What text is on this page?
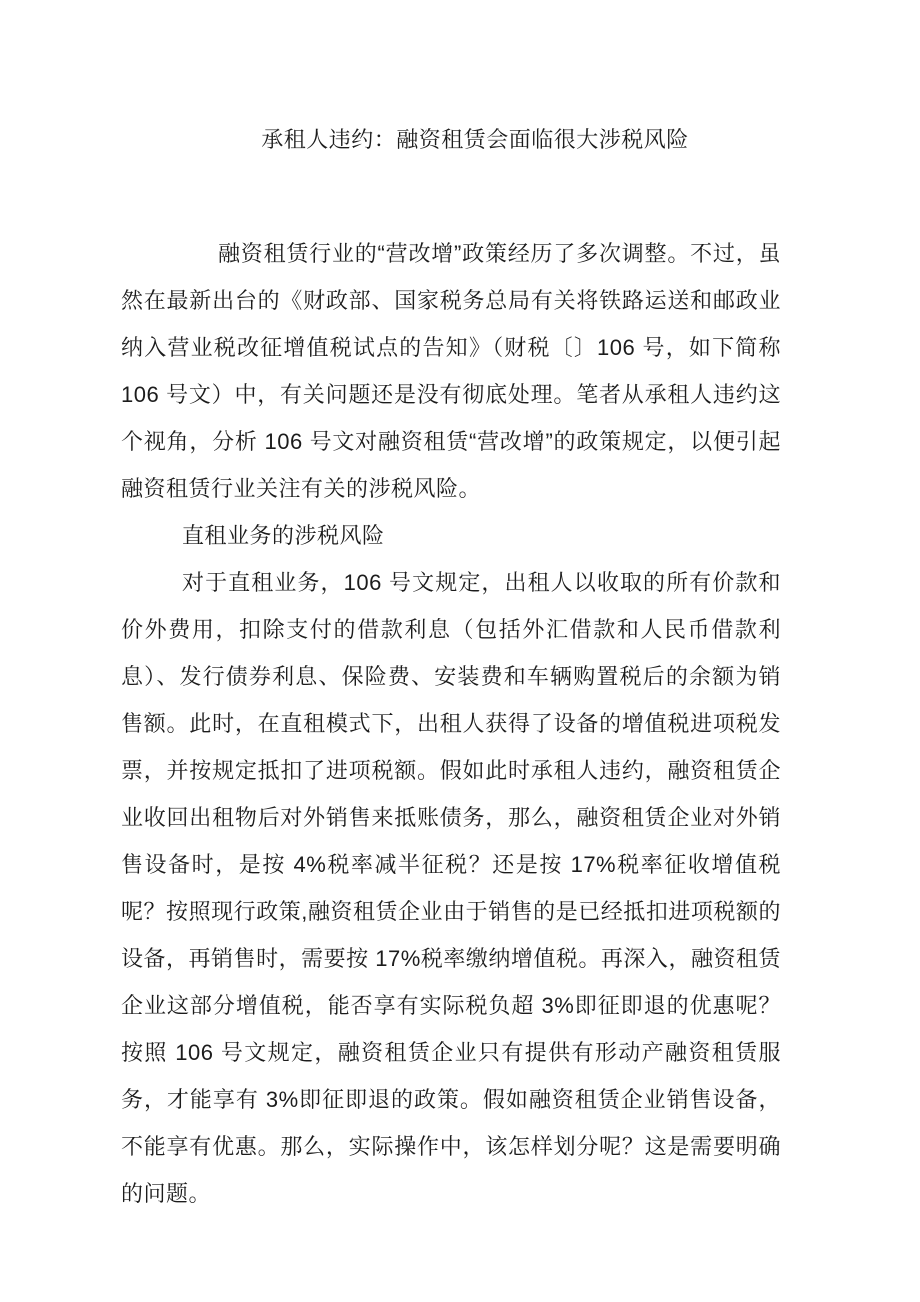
承租人违约：融资租赁会面临很大涉税风险

融资租赁行业的“营改增”政策经历了多次调整。不过，虽然在最新出台的《财政部、国家税务总局有关将铁路运送和邮政业纳入营业税改征增值税试点的告知》（财税〔〕106 号，如下简称 106 号文）中，有关问题还是没有彻底处理。笔者从承租人违约这个视角，分析 106 号文对融资租赁“营改增”的政策规定，以便引起融资租赁行业关注有关的涉税风险。

直租业务的涉税风险

对于直租业务，106 号文规定，出租人以收取的所有价款和价外费用，扣除支付的借款利息（包括外汇借款和人民币借款利息）、发行债券利息、保险费、安装费和车辆购置税后的余额为销售额。此时，在直租模式下，出租人获得了设备的增值税进项税发票，并按规定抵扣了进项税额。假如此时承租人违约，融资租赁企业收回出租物后对外销售来抵账债务，那么，融资租赁企业对外销售设备时，是按 4%税率减半征税？还是按 17%税率征收增值税呢？按照现行政策,融资租赁企业由于销售的是已经抵扣进项税额的设备，再销售时，需要按 17%税率缴纳增值税。再深入，融资租赁企业这部分增值税，能否享有实际税负超 3%即征即退的优惠呢？按照 106 号文规定，融资租赁企业只有提供有形动产融资租赁服务，才能享有 3%即征即退的政策。假如融资租赁企业销售设备，不能享有优惠。那么，实际操作中，该怎样划分呢？这是需要明确的问题。
